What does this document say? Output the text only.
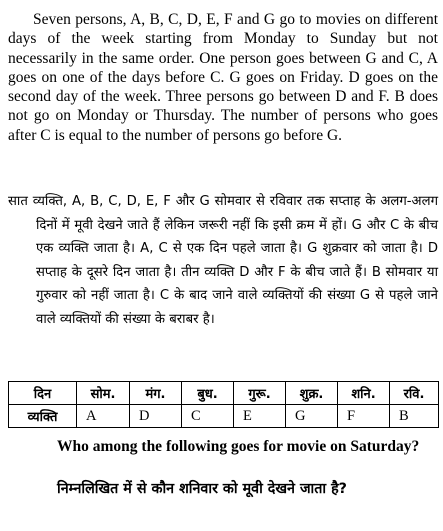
Seven persons, A, B, C, D, E, F and G go to movies on different days of the week starting from Monday to Sunday but not necessarily in the same order. One person goes between G and C, A goes on one of the days before C. G goes on Friday. D goes on the second day of the week. Three persons go between D and F. B does not go on Monday or Thursday. The number of persons who goes after C is equal to the number of persons go before G.

सात व्यक्ति, A, B, C, D, E, F और G सोमवार से रविवार तक सप्ताह के अलग-अलग दिनों में मूवी देखने जाते हैं लेकिन जरूरी नहीं कि इसी क्रम में हों। G और C के बीच एक व्यक्ति जाता है। A, C से एक दिन पहले जाता है। G शुक्रवार को जाता है। D सप्ताह के दूसरे दिन जाता है। तीन व्यक्ति D और F के बीच जाते हैं। B सोमवार या गुरुवार को नहीं जाता है। C के बाद जाने वाले व्यक्तियों की संख्या G से पहले जाने वाले व्यक्तियों की संख्या के बराबर है।

दिन	सोम.	मंग.	बुध.	गुरू.	शुक्र.	शनि.	रवि.
व्यक्ति	A	D	C	E	G	F	B

Who among the following goes for movie on Saturday?

निम्नलिखित में से कौन शनिवार को मूवी देखने जाता है?
